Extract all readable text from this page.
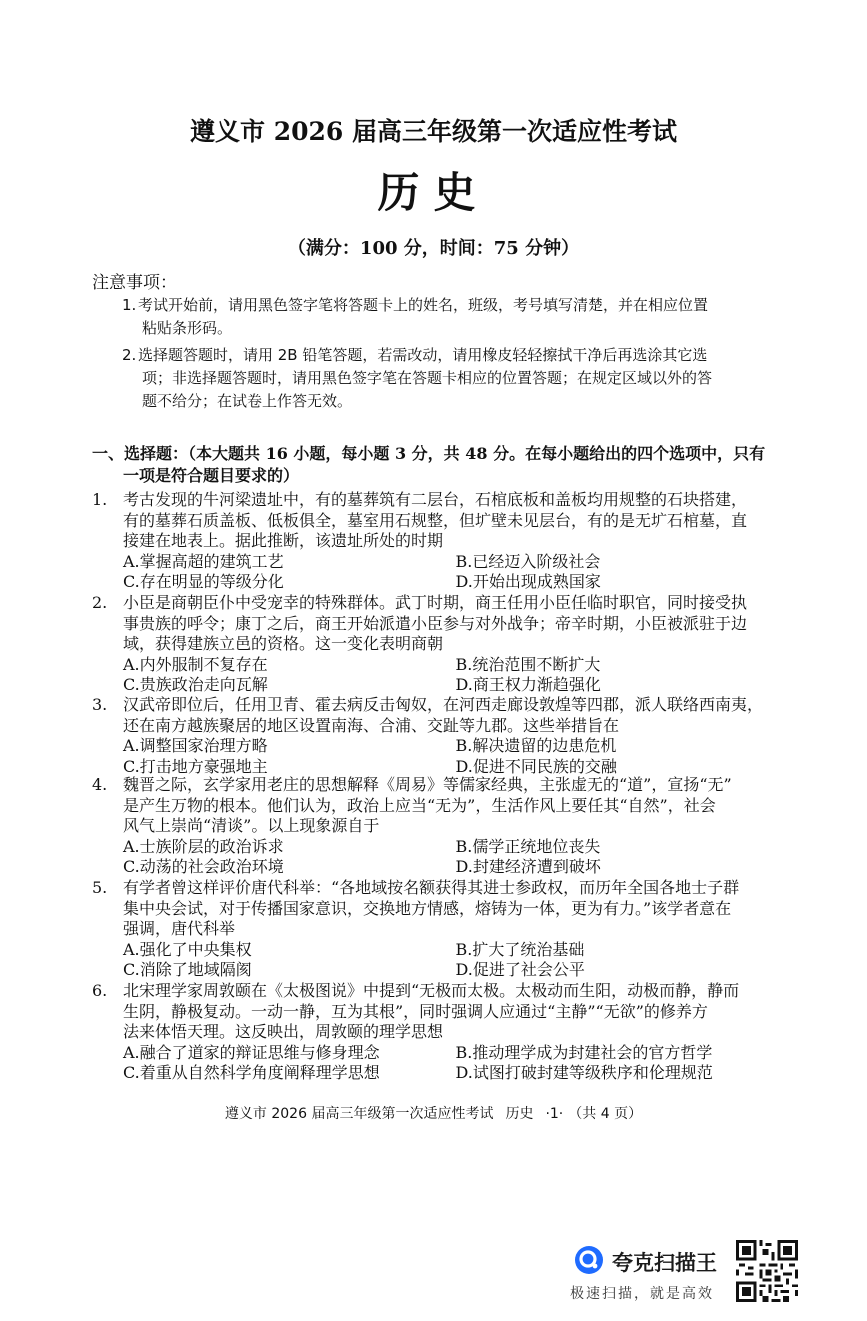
遵义市 2026 届高三年级第一次适应性考试
历史
（满分：100 分，时间：75 分钟）
注意事项：
1. 考试开始前，请用黑色签字笔将答题卡上的姓名，班级，考号填写清楚，并在相应位置
粘贴条形码。
2. 选择题答题时，请用 2B 铅笔答题，若需改动，请用橡皮轻轻擦拭干净后再选涂其它选
项；非选择题答题时，请用黑色签字笔在答题卡相应的位置答题；在规定区域以外的答
题不给分；在试卷上作答无效。
一、选择题：（本大题共 16 小题，每小题 3 分，共 48 分。在每小题给出的四个选项中，只有
一项是符合题目要求的）
1. 考古发现的牛河梁遗址中，有的墓葬筑有二层台，石棺底板和盖板均用规整的石块搭建，
有的墓葬石质盖板、低板俱全，墓室用石规整，但圹壁未见层台，有的是无圹石棺墓，直
接建在地表上。据此推断，该遗址所处的时期
A.掌握高超的建筑工艺	B.已经迈入阶级社会
C.存在明显的等级分化	D.开始出现成熟国家
2. 小臣是商朝臣仆中受宠幸的特殊群体。武丁时期，商王任用小臣任临时职官，同时接受执
事贵族的呼令；康丁之后，商王开始派遣小臣参与对外战争；帝辛时期，小臣被派驻于边
域，获得建族立邑的资格。这一变化表明商朝
A.内外服制不复存在	B.统治范围不断扩大
C.贵族政治走向瓦解	D.商王权力渐趋强化
3. 汉武帝即位后，任用卫青、霍去病反击匈奴，在河西走廊设敦煌等四郡，派人联络西南夷，
还在南方越族聚居的地区设置南海、合浦、交趾等九郡。这些举措旨在
A.调整国家治理方略	B.解决遗留的边患危机
C.打击地方豪强地主	D.促进不同民族的交融
4. 魏晋之际，玄学家用老庄的思想解释《周易》等儒家经典，主张虚无的“道”，宣扬“无”
是产生万物的根本。他们认为，政治上应当“无为”，生活作风上要任其“自然”，社会
风气上崇尚“清谈”。以上现象源自于
A.士族阶层的政治诉求	B.儒学正统地位丧失
C.动荡的社会政治环境	D.封建经济遭到破坏
5. 有学者曾这样评价唐代科举：“各地域按名额获得其进士参政权，而历年全国各地士子群
集中央会试，对于传播国家意识，交换地方情感，熔铸为一体，更为有力。”该学者意在
强调，唐代科举
A.强化了中央集权	B.扩大了统治基础
C.消除了地域隔阂	D.促进了社会公平
6. 北宋理学家周敦颐在《太极图说》中提到“无极而太极。太极动而生阳，动极而静，静而
生阴，静极复动。一动一静，互为其根”，同时强调人应通过“主静”“无欲”的修养方
法来体悟天理。这反映出，周敦颐的理学思想
A.融合了道家的辩证思维与修身理念	B.推动理学成为封建社会的官方哲学
C.着重从自然科学角度阐释理学思想	D.试图打破封建等级秩序和伦理规范
遵义市 2026 届高三年级第一次适应性考试 历史 ·1· （共 4 页）
夸克扫描王
极速扫描，就是高效
